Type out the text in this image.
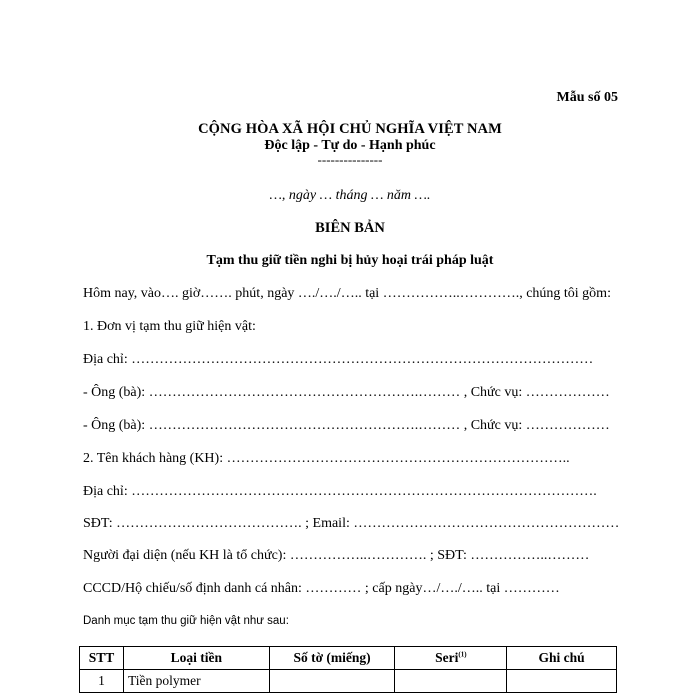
Mẫu số 05
CỘNG HÒA XÃ HỘI CHỦ NGHĨA VIỆT NAM
Độc lập - Tự do - Hạnh phúc
---------------
…, ngày … tháng … năm ….
BIÊN BẢN
Tạm thu giữ tiền nghi bị hủy hoại trái pháp luật
Hôm nay, vào…. giờ……. phút, ngày …./…./….. tại ……………..…………., chúng tôi gồm:
1. Đơn vị tạm thu giữ hiện vật:
Địa chỉ: ………………………………………………………………………………………
- Ông (bà): ………………………………………………….……… , Chức vụ: ………………
- Ông (bà): ………………………………………………….……… , Chức vụ: ………………
2. Tên khách hàng (KH): ………………………………………………………………..
Địa chỉ: ……………………………………………………………………………………….
SĐT: …………………………………. ; Email: …………………………………………………
Người đại diện (nếu KH là tổ chức): ……………..…………. ; SĐT: ……………..………
CCCD/Hộ chiếu/số định danh cá nhân: ………… ; cấp ngày…/…./….. tại …………
Danh mục tạm thu giữ hiện vật như sau:
STT	Loại tiền	Số tờ (miếng)	Seri$^{(1)}$	Ghi chú
1	Tiền polymer			
